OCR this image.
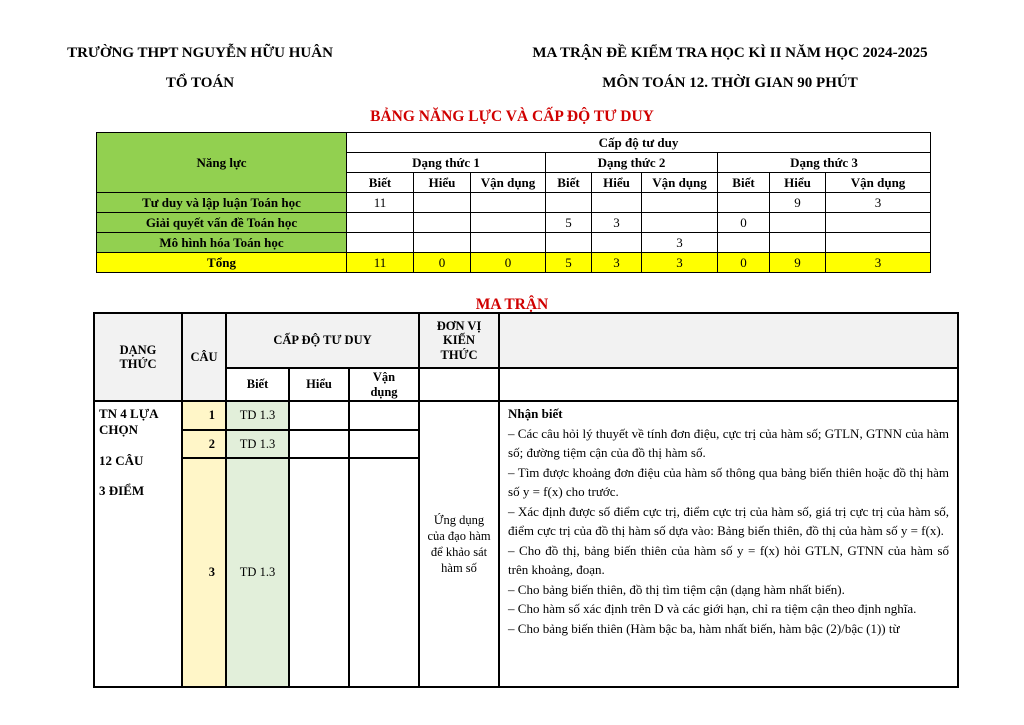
TRƯỜNG THPT NGUYỄN HỮU HUÂN
TỔ TOÁN
MA TRẬN ĐỀ KIỂM TRA HỌC KÌ II NĂM HỌC 2024-2025
MÔN TOÁN 12. THỜI GIAN 90 PHÚT
BẢNG NĂNG LỰC VÀ CẤP ĐỘ TƯ DUY
Năng lực	Cấp độ tư duy								
	Dạng thức 1			Dạng thức 2			Dạng thức 3		
	Biết	Hiểu	Vận dụng	Biết	Hiểu	Vận dụng	Biết	Hiểu	Vận dụng
Tư duy và lập luận Toán học	11							9	3
Giải quyết vấn đề Toán học				5	3		0		
Mô hình hóa Toán học						3			
Tổng	11	0	0	5	3	3	0	9	3
MA TRẬN
DẠNG THỨC	CÂU	CẤP ĐỘ TƯ DUY			ĐƠN VỊ KIẾN THỨC	

		Biết	Hiểu	Vận dụng		

TN 4 LỰA CHỌN
12 CÂU
3 ĐIỂM
	1	TD 1.3			Ứng dụng của đạo hàm để khảo sát hàm số	
Nhận biết
– Các câu hỏi lý thuyết về tính đơn điệu, cực trị của hàm số; GTLN, GTNN của hàm số; đường tiệm cận của đồ thị hàm số.
– Tìm được khoảng đơn điệu của hàm số thông qua bảng biến thiên hoặc đồ thị hàm số y = f(x) cho trước.
– Xác định được số điểm cực trị, điểm cực trị của hàm số, giá trị cực trị của hàm số, điểm cực trị của đồ thị hàm số dựa vào: Bảng biến thiên, đồ thị của hàm số y = f(x).
– Cho đồ thị, bảng biến thiên của hàm số y = f(x) hỏi GTLN, GTNN của hàm số trên khoảng, đoạn.
– Cho bảng biến thiên, đồ thị tìm tiệm cận (dạng hàm nhất biến).
– Cho hàm số xác định trên D và các giới hạn, chỉ ra tiệm cận theo định nghĩa.
– Cho bảng biến thiên (Hàm bậc ba, hàm nhất biến, hàm bậc (2)/bậc (1)) từ

	2	TD 1.3				
	3	TD 1.3				
